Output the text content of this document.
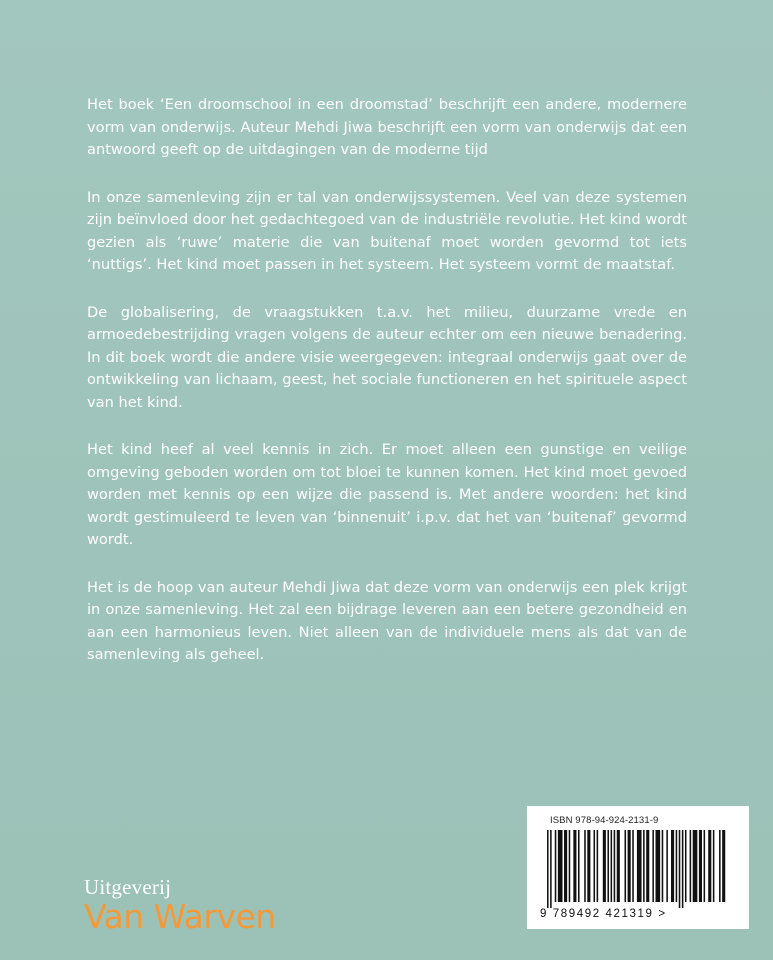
Het boek ‘Een droomschool in een droomstad’ beschrijft een andere, modernere vorm van onderwijs. Auteur Mehdi Jiwa beschrijft een vorm van onderwijs dat een antwoord geeft op de uitdagingen van de moderne tijd

In onze samenleving zijn er tal van onderwijssystemen. Veel van deze systemen zijn beïnvloed door het gedachtegoed van de industriële revolutie. Het kind wordt gezien als ‘ruwe’ materie die van buitenaf moet worden gevormd tot iets ‘nuttigs’. Het kind moet passen in het systeem. Het systeem vormt de maatstaf.

De globalisering, de vraagstukken t.a.v. het milieu, duurzame vrede en armoedebestrijding vragen volgens de auteur echter om een nieuwe benadering. In dit boek wordt die andere visie weergegeven: integraal onderwijs gaat over de ontwikkeling van lichaam, geest, het sociale functioneren en het spirituele aspect van het kind.

Het kind heef al veel kennis in zich. Er moet alleen een gunstige en veilige omgeving geboden worden om tot bloei te kunnen komen. Het kind moet gevoed worden met kennis op een wijze die passend is. Met andere woorden: het kind wordt gestimuleerd te leven van ‘binnenuit’ i.p.v. dat het van ‘buitenaf’ gevormd wordt.

Het is de hoop van auteur Mehdi Jiwa dat deze vorm van onderwijs een plek krijgt in onze samenleving. Het zal een bijdrage leveren aan een betere gezondheid en aan een harmonieus leven. Niet alleen van de individuele mens als dat van de samenleving als geheel.

Uitgeverij
Van Warven
ISBN 978-94-924-2131-9
9 789492 421319 >
